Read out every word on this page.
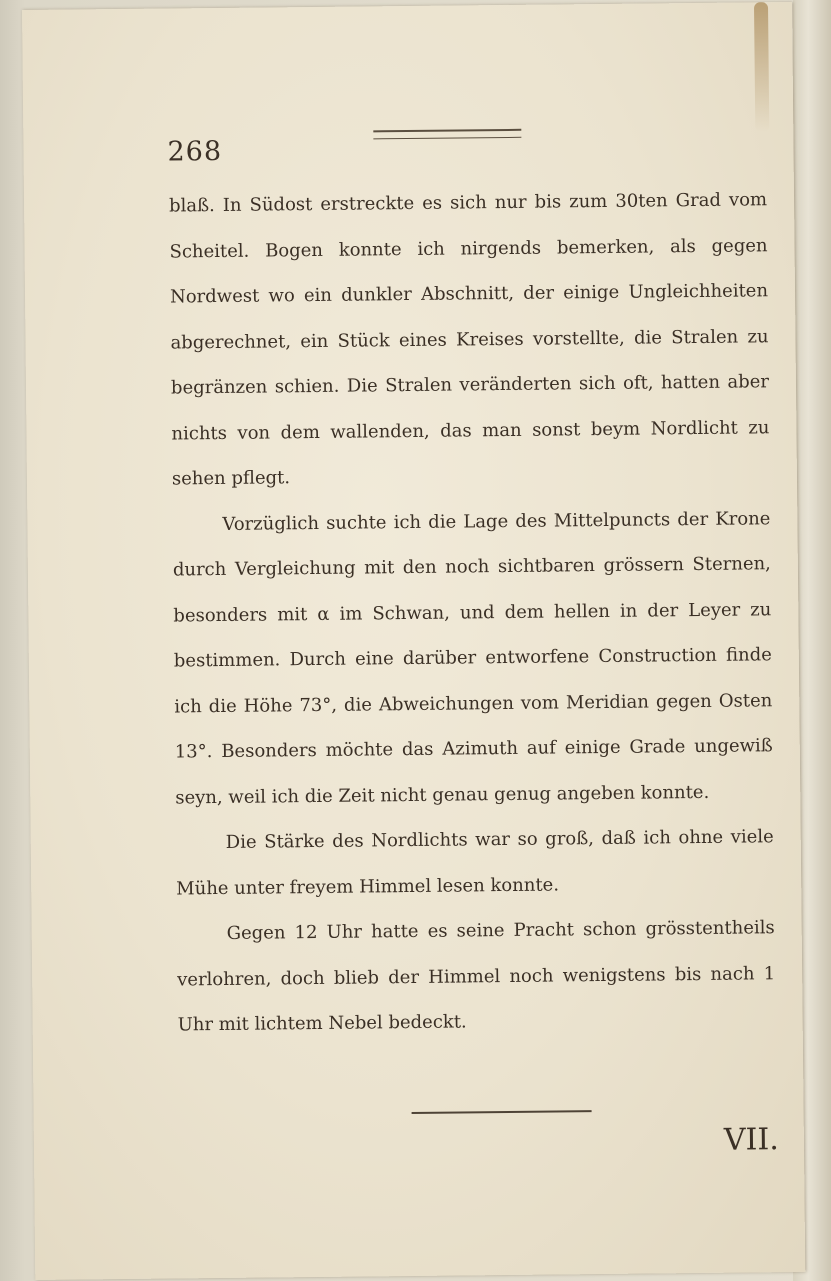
268

blaß. In Südost erstreckte es sich nur bis zum 30ten Grad vom Scheitel. Bogen konnte ich nirgends bemerken, als gegen Nordwest wo ein dunkler Abschnitt, der einige Ungleichheiten abgerechnet, ein Stück eines Kreises vorstellte, die Stralen zu begränzen schien. Die Stralen veränderten sich oft, hatten aber nichts von dem wallenden, das man sonst beym Nordlicht zu sehen pflegt.

Vorzüglich suchte ich die Lage des Mittelpuncts der Krone durch Vergleichung mit den noch sichtbaren grössern Sternen, besonders mit α im Schwan, und dem hellen in der Leyer zu bestimmen. Durch eine darüber entworfene Construction finde ich die Höhe 73°, die Abweichungen vom Meridian gegen Osten 13°. Besonders möchte das Azimuth auf einige Grade ungewiß seyn, weil ich die Zeit nicht genau genug angeben konnte.

Die Stärke des Nordlichts war so groß, daß ich ohne viele Mühe unter freyem Himmel lesen konnte.

Gegen 12 Uhr hatte es seine Pracht schon grösstentheils verlohren, doch blieb der Himmel noch wenigstens bis nach 1 Uhr mit lichtem Nebel bedeckt.

VII.
